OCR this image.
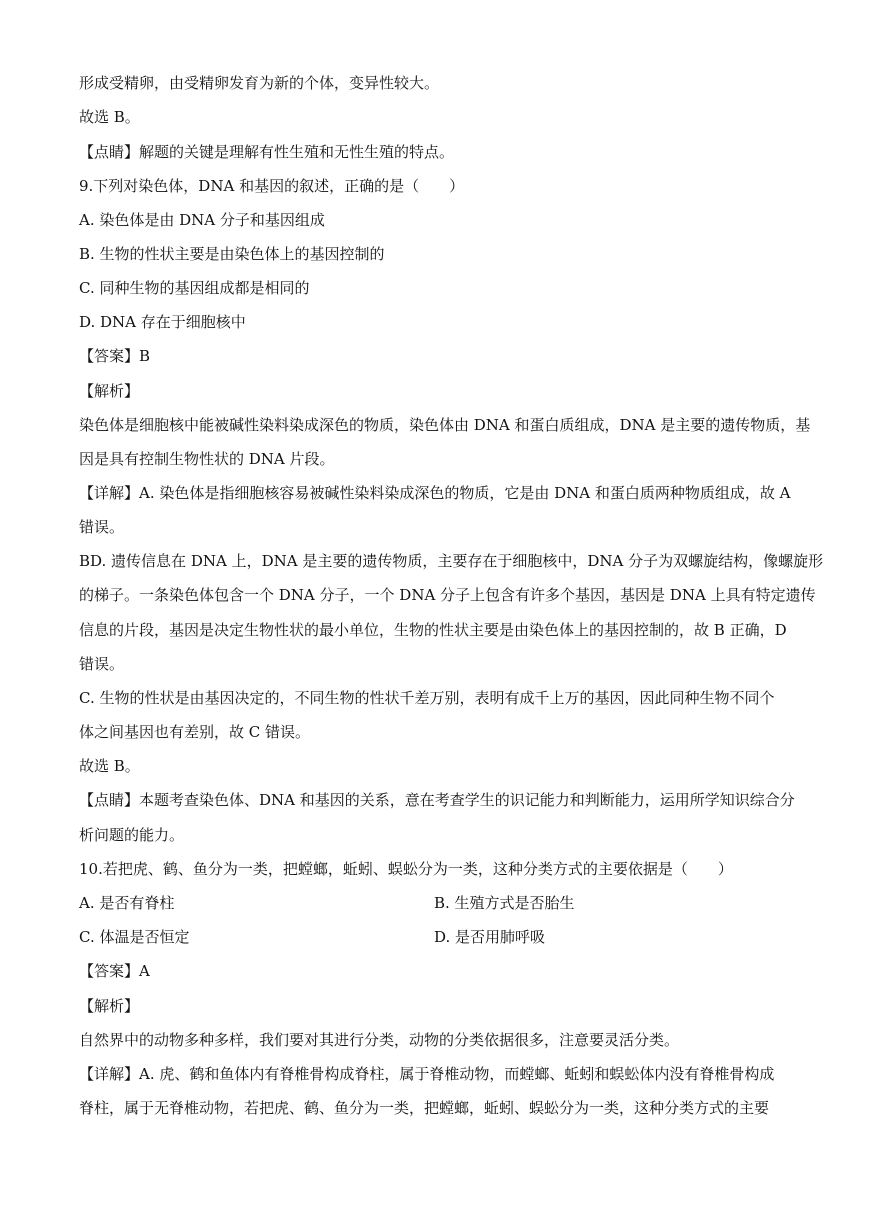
形成受精卵，由受精卵发育为新的个体，变异性较大。
故选 B。
【点睛】解题的关键是理解有性生殖和无性生殖的特点。
9.下列对染色体，DNA 和基因的叙述，正确的是（　　）
A. 染色体是由 DNA 分子和基因组成
B. 生物的性状主要是由染色体上的基因控制的
C. 同种生物的基因组成都是相同的
D. DNA 存在于细胞核中
【答案】B
【解析】
染色体是细胞核中能被碱性染料染成深色的物质，染色体由 DNA 和蛋白质组成，DNA 是主要的遗传物质，基
因是具有控制生物性状的 DNA 片段。
【详解】A. 染色体是指细胞核容易被碱性染料染成深色的物质，它是由 DNA 和蛋白质两种物质组成，故 A
错误。
BD. 遗传信息在 DNA 上，DNA 是主要的遗传物质，主要存在于细胞核中，DNA 分子为双螺旋结构，像螺旋形
的梯子。一条染色体包含一个 DNA 分子，一个 DNA 分子上包含有许多个基因，基因是 DNA 上具有特定遗传
信息的片段，基因是决定生物性状的最小单位，生物的性状主要是由染色体上的基因控制的，故 B 正确，D
错误。
C. 生物的性状是由基因决定的，不同生物的性状千差万别，表明有成千上万的基因，因此同种生物不同个
体之间基因也有差别，故 C 错误。
故选 B。
【点睛】本题考查染色体、DNA 和基因的关系，意在考查学生的识记能力和判断能力，运用所学知识综合分
析问题的能力。
10.若把虎、鹤、鱼分为一类，把螳螂，蚯蚓、蜈蚣分为一类，这种分类方式的主要依据是（　　）
A. 是否有脊柱	B. 生殖方式是否胎生
C. 体温是否恒定	D. 是否用肺呼吸
【答案】A
【解析】
自然界中的动物多种多样，我们要对其进行分类，动物的分类依据很多，注意要灵活分类。
【详解】A. 虎、鹤和鱼体内有脊椎骨构成脊柱，属于脊椎动物，而螳螂、蚯蚓和蜈蚣体内没有脊椎骨构成
脊柱，属于无脊椎动物，若把虎、鹤、鱼分为一类，把螳螂，蚯蚓、蜈蚣分为一类，这种分类方式的主要
